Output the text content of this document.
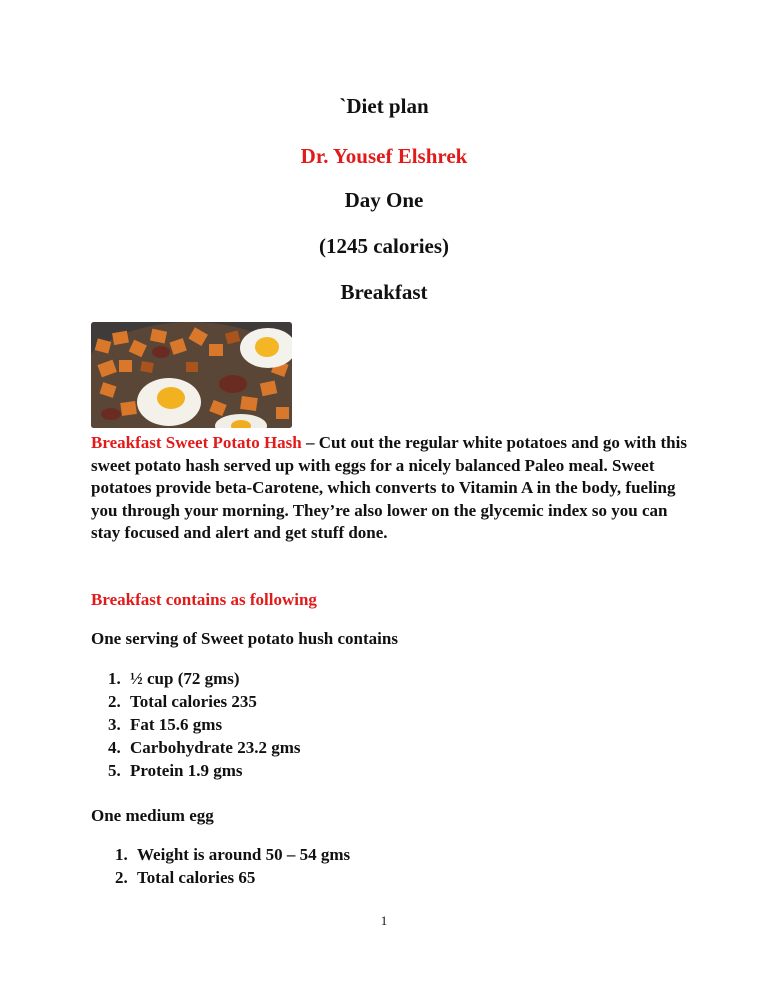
`Diet plan
Dr. Yousef Elshrek
Day One
(1245 calories)
Breakfast
Breakfast Sweet Potato Hash – Cut out the regular white potatoes and go with this sweet potato hash served up with eggs for a nicely balanced Paleo meal. Sweet potatoes provide beta-Carotene, which converts to Vitamin A in the body, fueling you through your morning. They’re also lower on the glycemic index so you can stay focused and alert and get stuff done.
Breakfast contains as following
One serving of Sweet potato hush contains
1. ½ cup (72 gms)
2. Total calories 235
3. Fat 15.6 gms
4. Carbohydrate 23.2 gms
5. Protein 1.9 gms
One medium egg
1. Weight is around 50 – 54 gms
2. Total calories 65
1
